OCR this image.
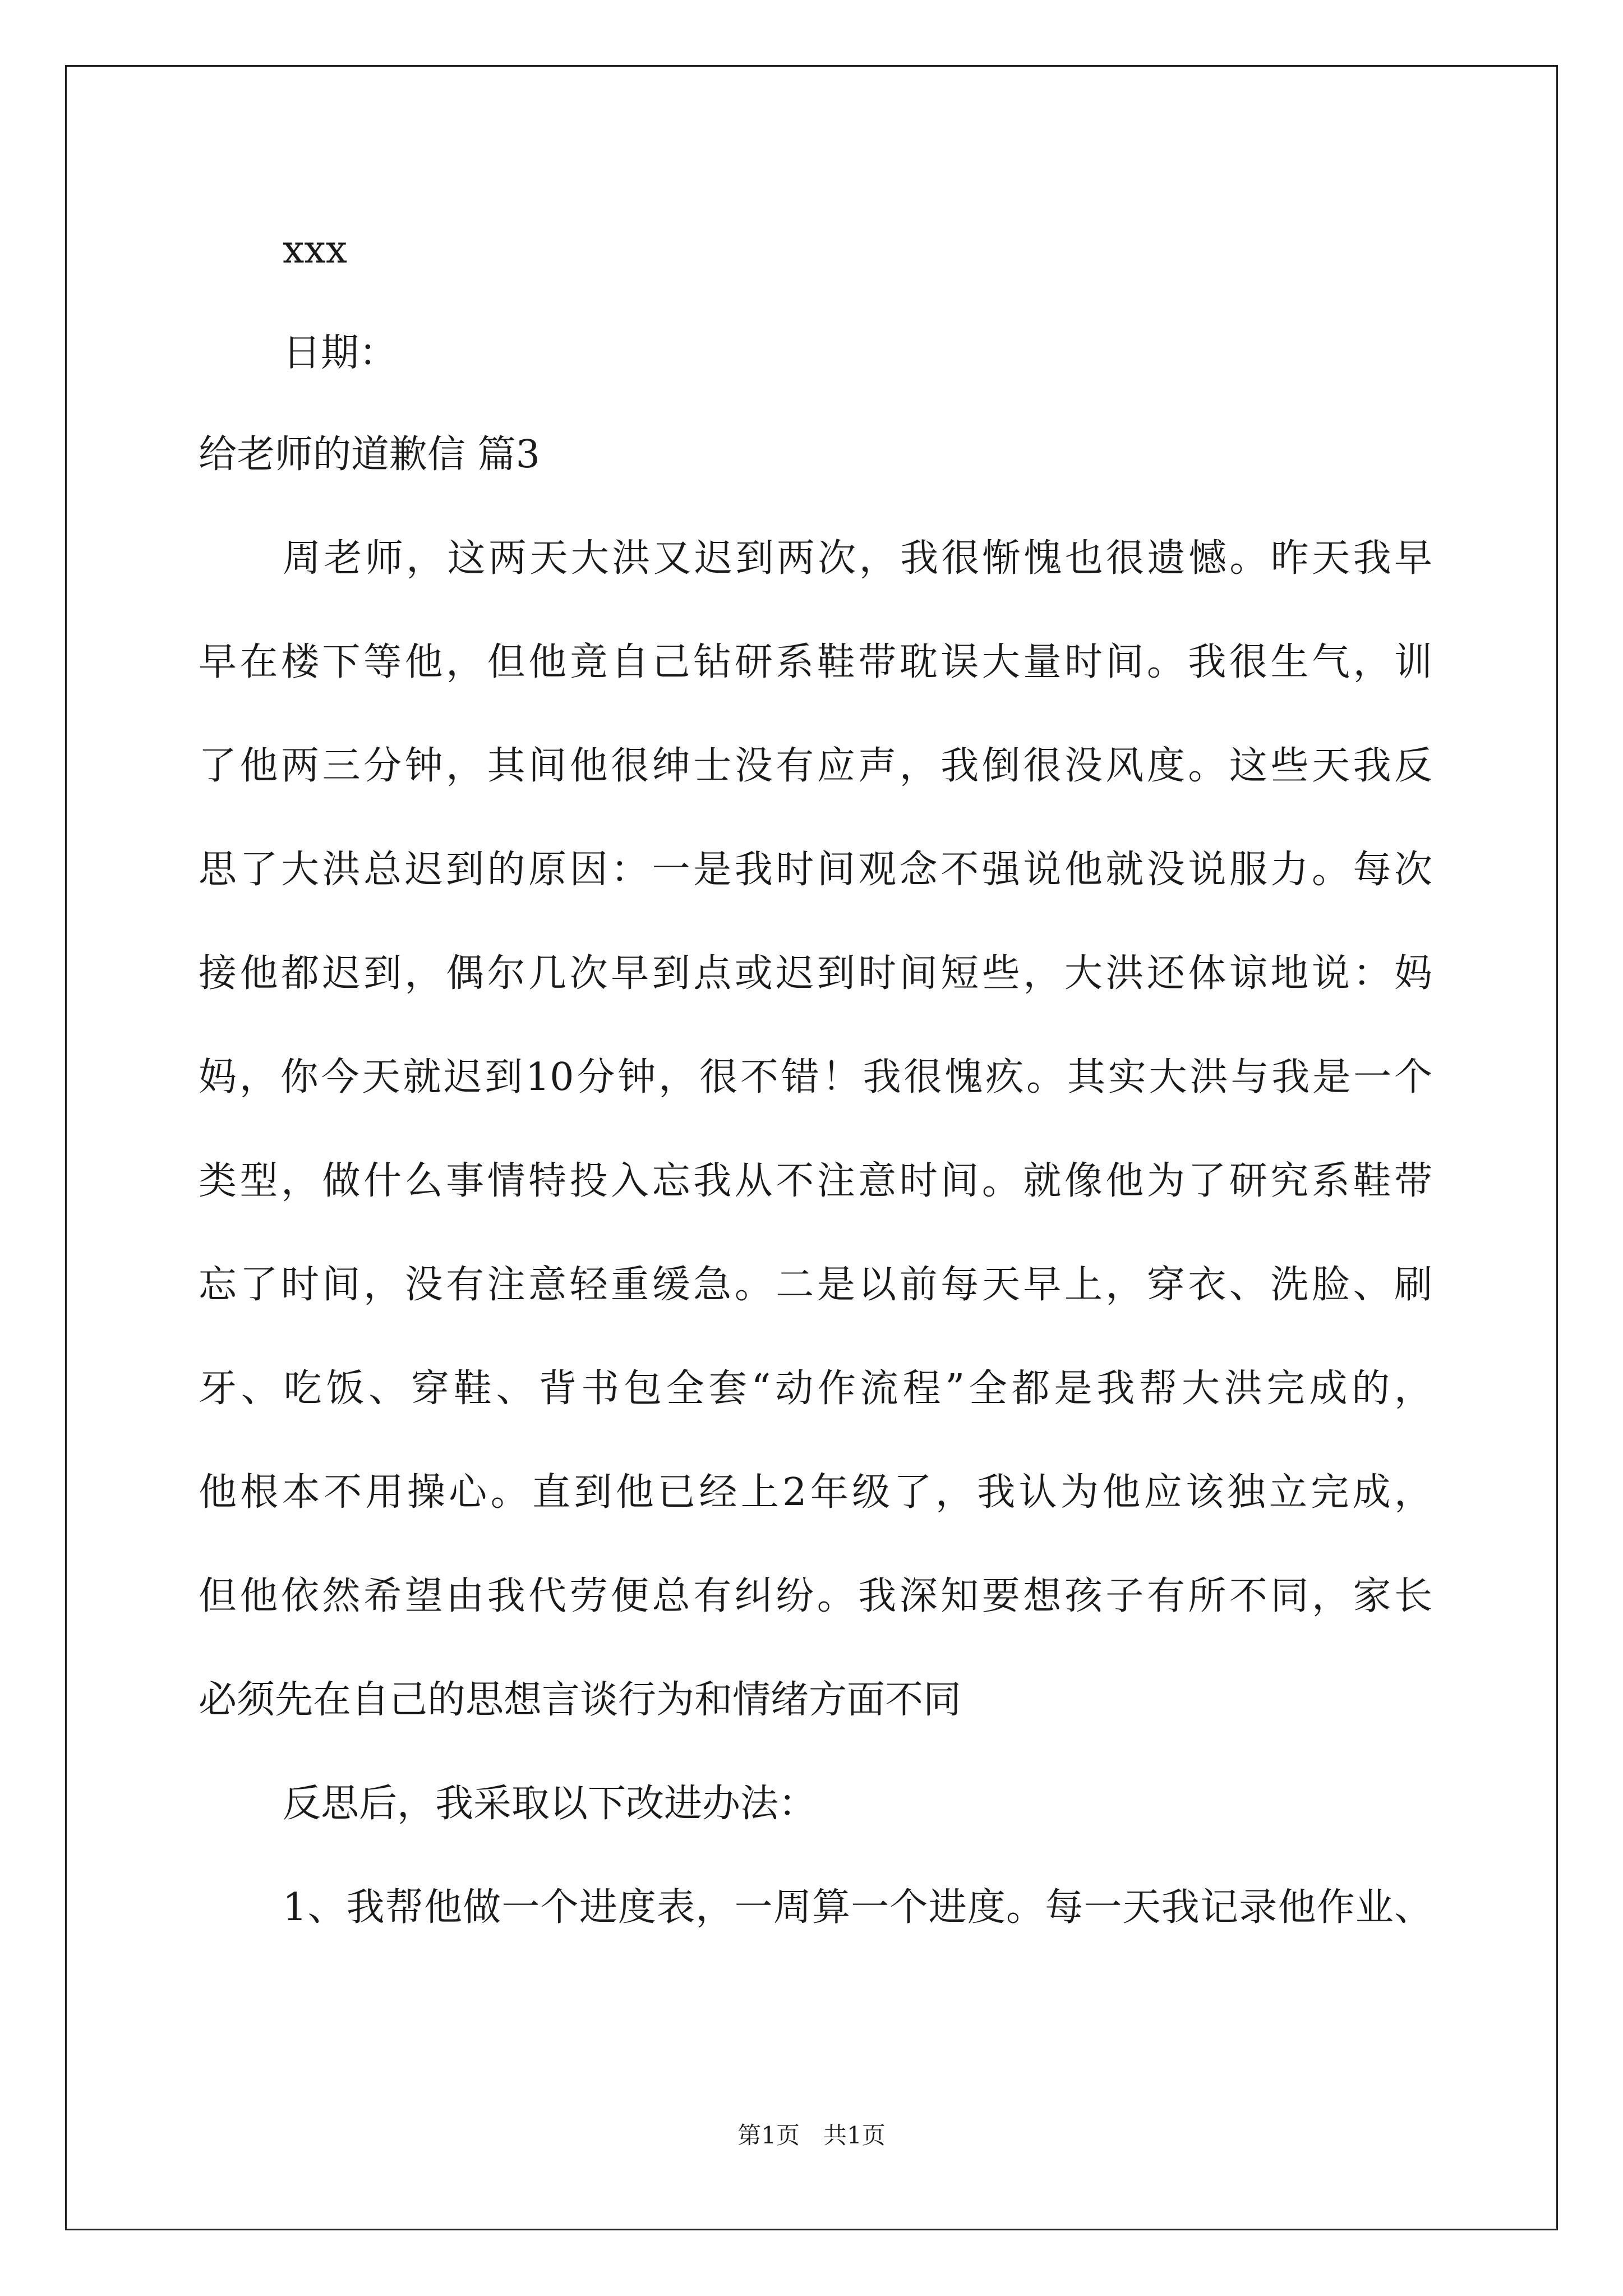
xxx
日期：
给老师的道歉信 篇3
周老师，这两天大洪又迟到两次，我很惭愧也很遗憾。昨天我早
早在楼下等他，但他竟自己钻研系鞋带耽误大量时间。我很生气，训
了他两三分钟，其间他很绅士没有应声，我倒很没风度。这些天我反
思了大洪总迟到的原因：一是我时间观念不强说他就没说服力。每次
接他都迟到，偶尔几次早到点或迟到时间短些，大洪还体谅地说：妈
妈，你今天就迟到10分钟，很不错！我很愧疚。其实大洪与我是一个
类型，做什么事情特投入忘我从不注意时间。就像他为了研究系鞋带
忘了时间，没有注意轻重缓急。二是以前每天早上，穿衣、洗脸、刷
牙、吃饭、穿鞋、背书包全套“动作流程”全都是我帮大洪完成的，
他根本不用操心。直到他已经上2年级了，我认为他应该独立完成，
但他依然希望由我代劳便总有纠纷。我深知要想孩子有所不同，家长
必须先在自己的思想言谈行为和情绪方面不同
反思后，我采取以下改进办法：
1、我帮他做一个进度表，一周算一个进度。每一天我记录他作业、
第1页　共1页
